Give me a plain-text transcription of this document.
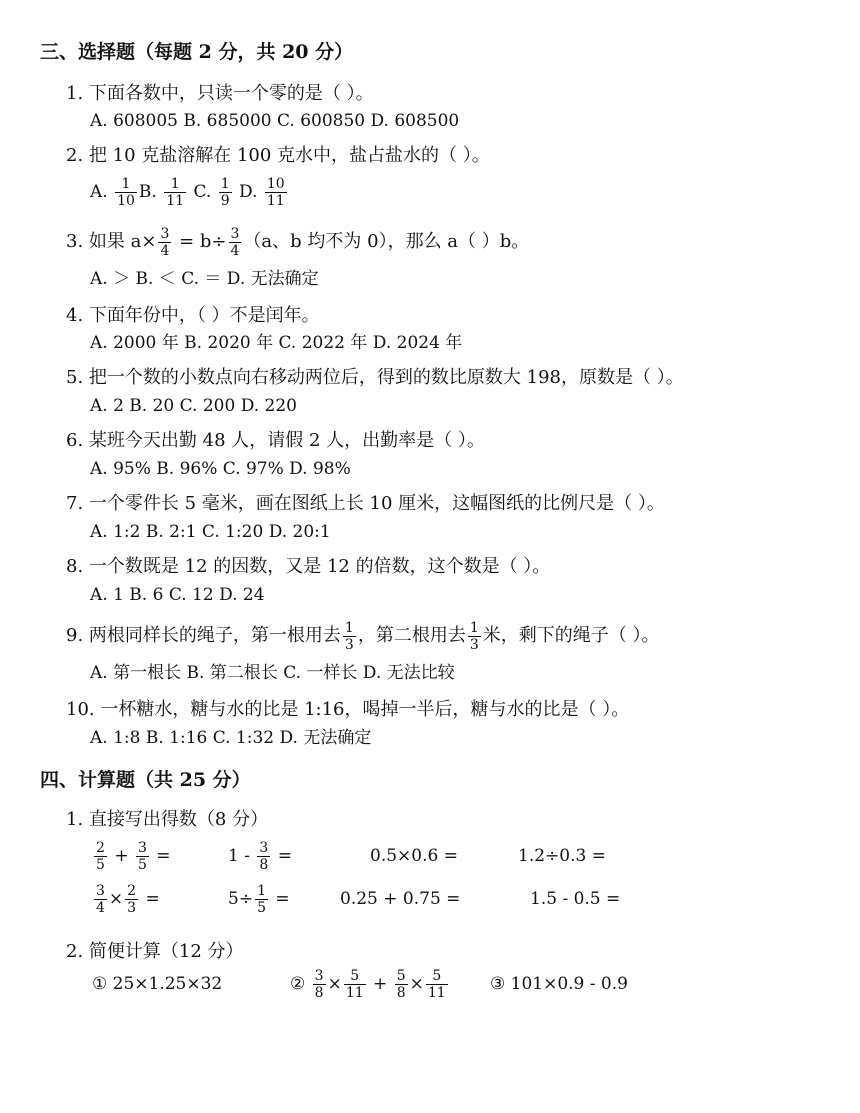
三、选择题（每题 2 分，共 20 分）
1. 下面各数中，只读一个零的是（ ）。
A. 608005 B. 685000 C. 600850 D. 608500
2. 把 10 克盐溶解在 100 克水中，盐占盐水的（ ）。
A. $\frac{1}{10} B$. $\frac{1}{11} C$. $\frac{1}{9} D$. $\frac{10}{11}$
3. 如果 $a\times \frac{3}{4} = b\div \frac{3}{4} (a$、b 均不为 0），那么 a（ ）b。
A. ＞ B. ＜ C. ＝ D. 无法确定
4. 下面年份中，（ ）不是闰年。
A. 2000 年 B. 2020 年 C. 2022 年 D. 2024 年
5. 把一个数的小数点向右移动两位后，得到的数比原数大 198，原数是（ ）。
A. 2 B. 20 C. 200 D. 220
6. 某班今天出勤 48 人，请假 2 人，出勤率是（ ）。
A. 95% B. 96% C. 97% D. 98%
7. 一个零件长 5 毫米，画在图纸上长 10 厘米，这幅图纸的比例尺是（ ）。
A. 1:2 B. 2:1 C. 1:20 D. 20:1
8. 一个数既是 12 的因数，又是 12 的倍数，这个数是（ ）。
A. 1 B. 6 C. 12 D. 24
9. 两根同样长的绳子，第一根用去 $\frac{1}{3}$ ，第二根用去 $\frac{1}{3}$ 米，剩下的绳子（ ）。
A. 第一根长 B. 第二根长 C. 一样长 D. 无法比较
10. 一杯糖水，糖与水的比是 1:16，喝掉一半后，糖与水的比是（ ）。
A. 1:8 B. 1:16 C. 1:32 D. 无法确定
四、计算题（共 25 分）
1. 直接写出得数（8 分）
$\frac{2}{5} + \frac{3}{5}$ =	$1 - \frac{3}{8}$ =	0.5×0.6 =	1.2÷0.3 =
$\frac{3}{4} \times \frac{2}{3}$ =	$5\div \frac{1}{5}$ =	0.25 + 0.75 =	1.5 - 0.5 =
2. 简便计算（12 分）
① 25×1.25×32	② $\frac{3}{8} \times \frac{5}{11} + \frac{5}{8} \times \frac{5}{11}$ ③ 101×0.9 - 0.9
